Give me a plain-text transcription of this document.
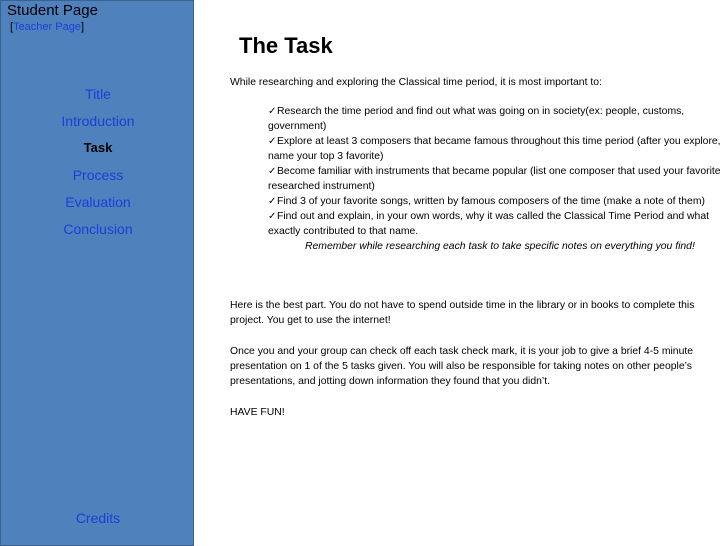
Student Page
[Teacher Page]
Title
Introduction
Task
Process
Evaluation
Conclusion
Credits
The Task
While researching and exploring the Classical time period, it is most important to:
✓Research the time period and find out what was going on in society(ex: people, customs, government)
✓Explore at least 3 composers that became famous throughout this time period (after you explore, name your top 3 favorite)
✓Become familiar with instruments that became popular (list one composer that used your favorite researched instrument)
✓Find 3 of your favorite songs, written by famous composers of the time (make a note of them)
✓Find out and explain, in your own words, why it was called the Classical Time Period and what exactly contributed to that name.
Remember while researching each task to take specific notes on everything you find!
Here is the best part. You do not have to spend outside time in the library or in books to complete this project. You get to use the internet!
Once you and your group can check off each task check mark, it is your job to give a brief 4-5 minute presentation on 1 of the 5 tasks given. You will also be responsible for taking notes on other people’s presentations, and jotting down information they found that you didn’t.
HAVE FUN!
